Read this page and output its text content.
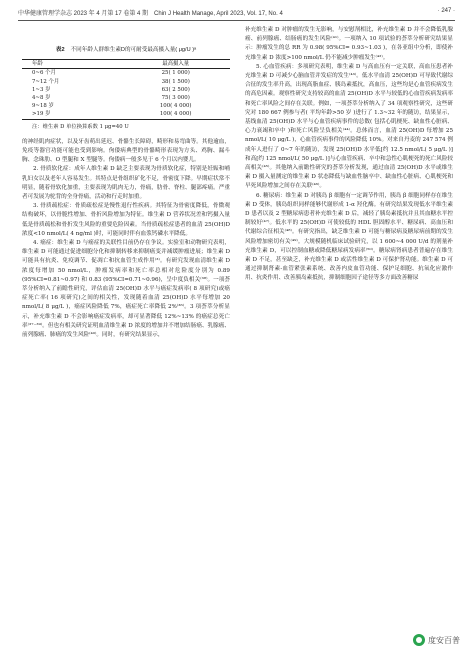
中华健康管理学杂志 2023 年 4 月第 17 卷第 4 期　Chin J Health Manage, April 2023, Vol. 17, No. 4	· 247 ·
表2 不同年龄人群维生素D的可耐受最高摄入量( μg/U )ᵃ
年龄	最高摄入量
0~6 个月	25( 1 000)
7~12 个月	38( 1 500)
1~3 岁	63( 2 500)
4~8 岁	75( 3 000)
9~18 岁	100( 4 000)
>19 岁	100( 4 000)
注：维生素 D 单位换算系数 1 μg=40 U

的神经肌肉症状，以及牙齿萌出延迟、骨骼生长障碍，畸形和易弯曲等。其他逾血，免疫等器官功能可能也受到影响。佝偻病典型的骨骼畸形表现为方头、鸡胸、漏斗胸、念珠肋、O 型腿和 X 型腿等。佝偻病一般多见于 6 个月以内婴儿。

2. 骨质软化症：成年人维生素 D 缺乏主要表现为骨质软化症，特别是妊娠和哺乳妇女以及老年人容易发生。其特点是骨组织矿化不足，骨密度下降。早期症状常不明显，随着骨软化加重，主要表现为肌肉无力，骨痛，肋骨、脊柱、腿部疼痛。严重者可发展为驼背的全身骨痛，活动和行走时加重。

3. 骨质疏松症：骨质疏松症是慢性退行性疾病。其特征为骨密度降低，骨微观结构破坏，以骨脆性增加、骨折风险增加为特征。维生素 D 营养状况差和钙摄入量低是骨质疏松和骨折发生风险的重要危险因素。当骨质疏松症患者的血清 25(OH)D 浓度<10 nmol/L( 4 ng/ml )时，可能同时伴有血浆钙磷水平降低。

4. 癌症：维生素 D 与癌症的关联性目前仍存在争议。实验室和动物研究表明，维生素 D 可能通过促进细胞分化和抑制转移来抑制癌变并减缓肿瘤进展；维生素 D 可能具有抗炎、免疫调节、促凋亡和抗血管生成作用⁽³⁾。有研究发现血清维生素 D 浓度每增加 50 nmol/L，肿瘤发病率和死亡率总相对危险度分别为 0.89 (95%CI=0.81~0.97) 和 0.83 (95%CI=0.71~0.96)，呈中度负相关⁽³⁸⁾。一项荟萃分析纳入了前瞻性研究，评估血清 25(OH)D 水平与癌症发病率( 8 项研究)或癌症死亡率( 16 项研究)之间的相关性，发现随着血清 25(OH)D 水平每增加 20 nmol/L( 8 μg/L )，癌症风险降低 7%，癌症死亡率降低 2%⁽³⁶⁾。3 项荟萃分析显示，补充维生素 D 不会影响癌症发病率，却可显著降低 12%~13% 的癌症总死亡率⁽³⁷⁻³⁹⁾。但也有相关研究证明血清维生素 D 浓度的增加并不增加结肠癌、乳腺癌、前列腺癌、肺癌的发生风险⁽⁴⁰⁾。同时，有研究结果显示，

补充维生素 D 对肿瘤的发生无影响，与安慰剂相比，补充维生素 D 并不会降低乳腺癌、前列腺癌、结肠癌的发生风险⁽⁴¹⁾。一项纳入 10 项试验的荟萃分析研究结果显示：肿瘤发生的总 RR 为 0.98( 95%CI= 0.93~1.03 )，在各亚组中分析，即使补充维生素 D 浓度>100 nmol/L 仍不能减少肿瘤发生⁽⁴²⁾。

5. 心血管疾病：多项研究表明，维生素 D 与高血压有一定关联，高血压患者补充维生素 D 可减少心脑血管并发症的发生⁽⁴³⁾。低水平血清 25(OH)D 可导致代谢综合征的发生率升高，出现高脂血症、胰岛素抵抗，高血压，这些均是心血管疾病发生的高危因素。观察性研究支持较高的血清 25(OH)D 水平与较低的心血管疾病发病率和死亡率风险之间存在关联。例如，一项荟萃分析纳入了 34 项观察性研究，这些研究对 180 667 例参与者( 平均年龄>50 岁 )进行了 1.3~32 年的随访，结果显示，基线血清 25(OH)D 水平与心血管疾病事件的总数( 包括心肌梗死、缺血性心脏病、心力衰竭和卒中 )和死亡风险呈负相关⁽⁴⁴⁾。总体而言，血清 25(OH)D 每增加 25 nmol/L( 10 μg/L )，心血管疾病事件的风险降低 10%。对来自丹麦的 247 574 例成年人进行了 0~7 年的随访，发现 25(OH)D 水平低[约 12.5 nmol/L( 5 μg/L )] 和高[约 125 nmol/L( 50 μg/L )]与心血管疾病、卒中和急性心肌梗死的死亡风险较高相关⁽⁴⁵⁾。其他纳入前瞻性研究的荟萃分析发现，通过血清 25(OH)D 水平或维生素 D 摄入量测定的维生素 D 状态降低与缺血性脑卒中、缺血性心脏病、心肌梗死和早死风险增加之间存在关联⁽⁴⁶⁾。

6. 糖尿病：维生素 D 对胰岛 β 细胞有一定调节作用，胰岛 β 细胞同样存在维生素 D 受体，胰岛组织同样能够代谢形成 1-α 羟化酶。有研究结果发现低水平维生素 D 患者以及 2 型糖尿病患者补充维生素 D 后，减轻了胰岛素抵抗并且其血糖水平控制较好⁽⁴⁷⁾。低水平的 25(OH)D 可使较低的 HDL 胆固醇水平、糖尿病、高血压和代谢综合征相关⁽⁴⁸⁾。有研究指出，缺乏维生素 D 可能与糖尿病及糖尿病前期的发生风险增加密切有关⁽⁴⁹⁾。大规模随机临床试验研究，以 1 600~4 000 U/d 的剂量补充维生素 D，可以控制血糖或降低糖尿病发病率⁽⁵⁰⁾。糖尿病肾病患者普遍存在维生素 D 不足，甚至缺乏，补充维生素 D 或活性维生素 D 可保护肾功能。维生素 D 可通过抑制肾素-血管紧张素系统、改善内皮血管功能、保护足细胞、抗氧化应激作用、抗炎作用、改善胰岛素抵抗，抑制细胞因子途径等多方面改善糖尿

度安百普
